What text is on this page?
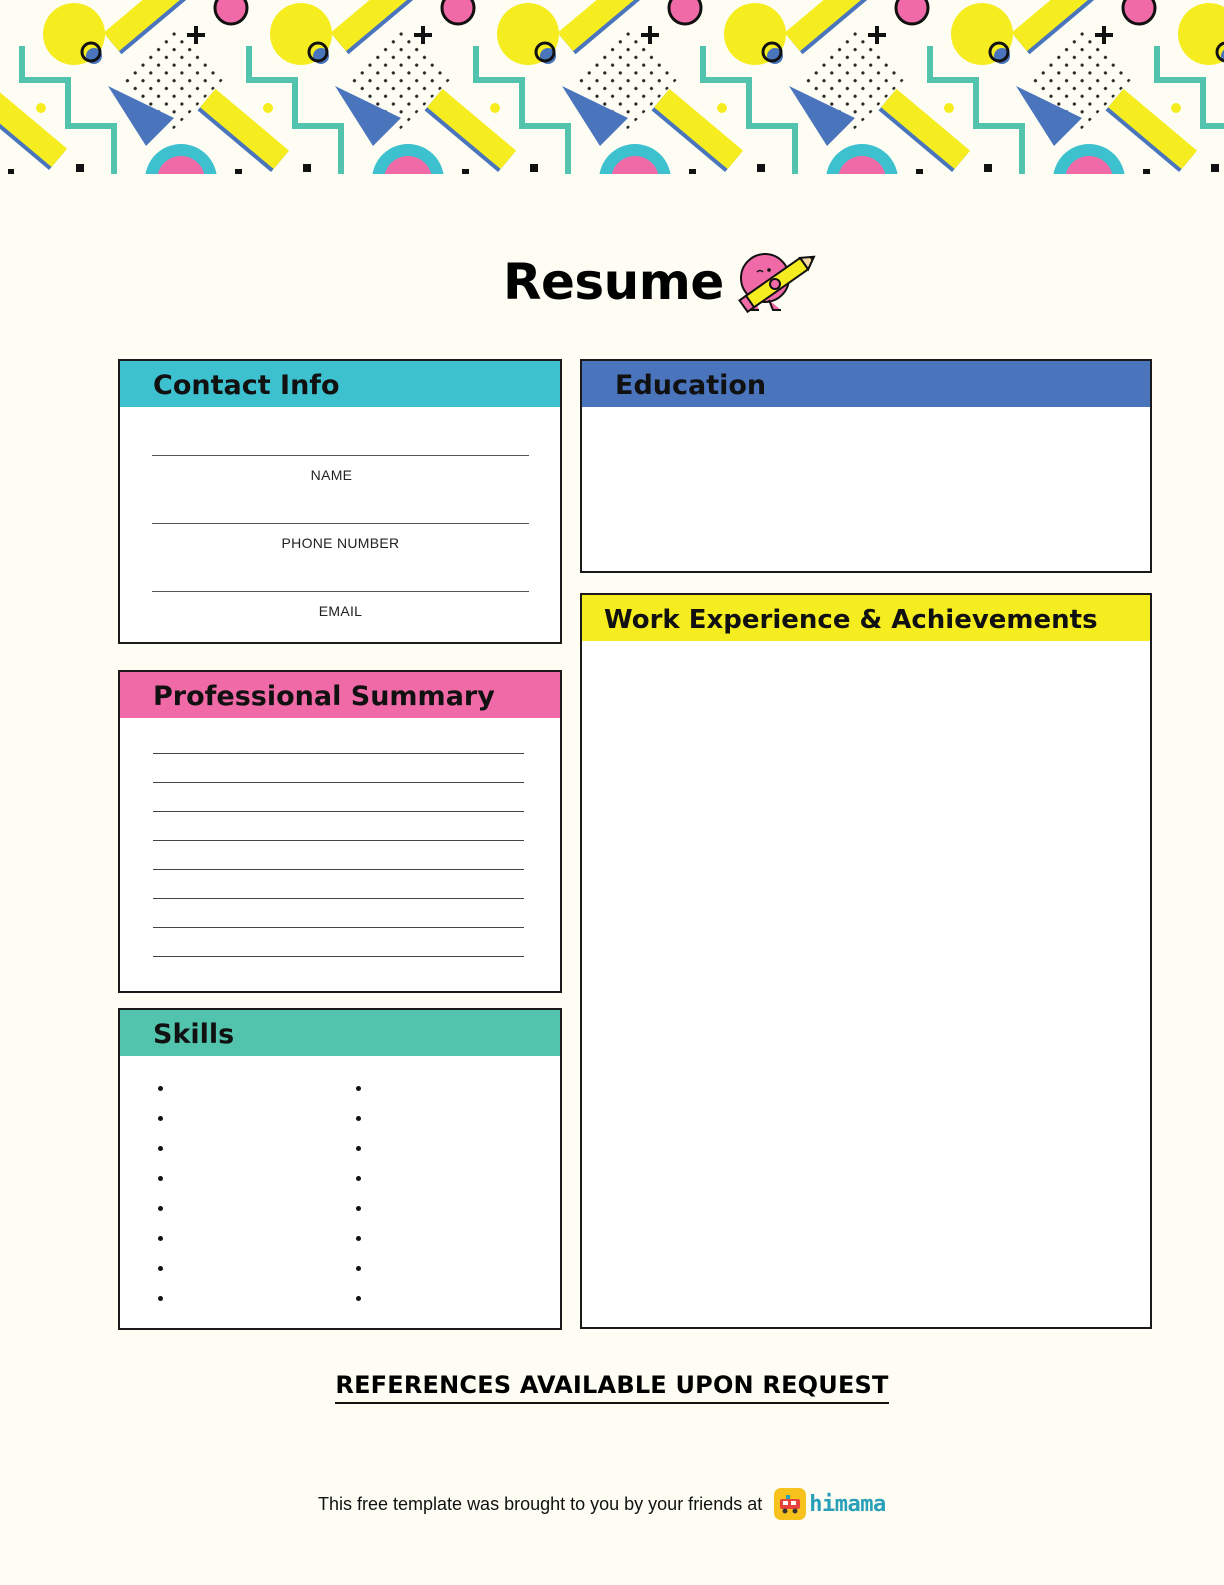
Resume
Contact Info
NAME
PHONE NUMBER
EMAIL
Professional Summary
Skills
Education
Work Experience & Achievements
REFERENCES AVAILABLE UPON REQUEST
This free template was brought to you by your friends at himama
